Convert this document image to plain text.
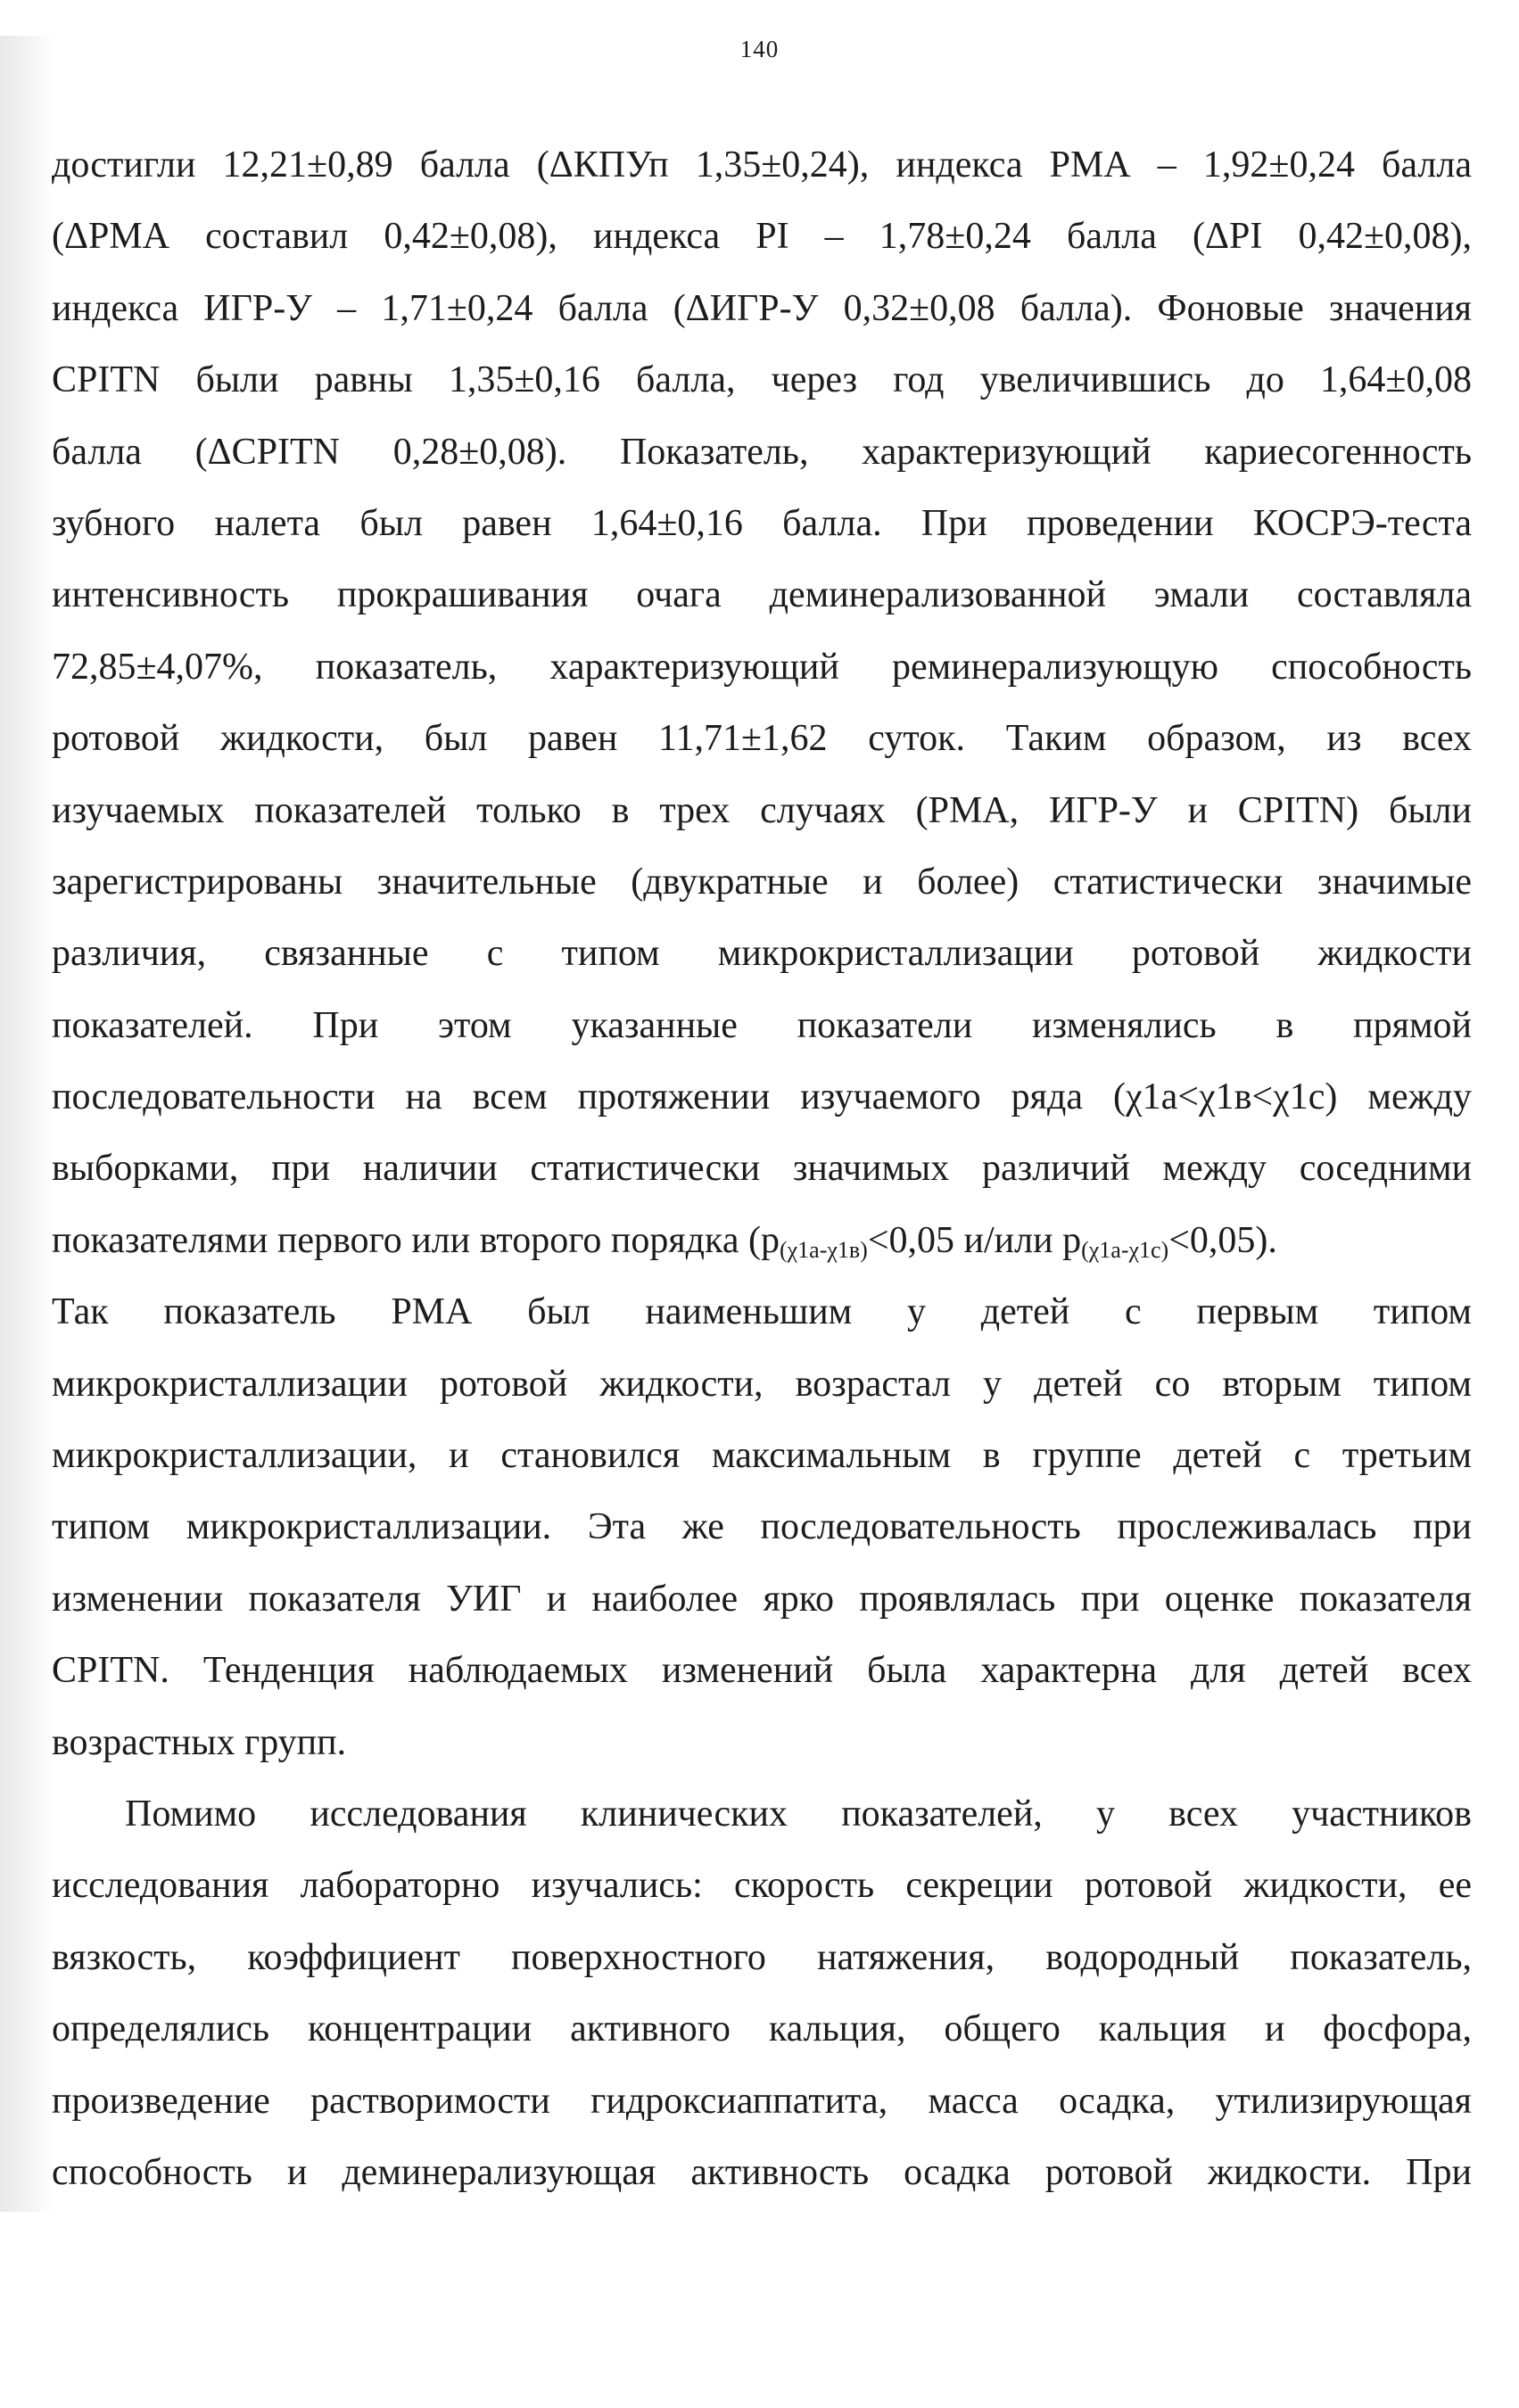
140
достигли 12,21±0,89 балла (ΔКПУп 1,35±0,24), индекса РМА – 1,92±0,24 балла
(ΔРМА составил 0,42±0,08), индекса PI – 1,78±0,24 балла (ΔPI 0,42±0,08),
индекса ИГР-У – 1,71±0,24 балла (ΔИГР-У 0,32±0,08 балла). Фоновые значения
CPITN были равны 1,35±0,16 балла, через год увеличившись до 1,64±0,08
балла (ΔCPITN 0,28±0,08). Показатель, характеризующий кариесогенность
зубного налета был равен 1,64±0,16 балла. При проведении КОСРЭ-теста
интенсивность прокрашивания очага деминерализованной эмали составляла
72,85±4,07%, показатель, характеризующий реминерализующую способность
ротовой жидкости, был равен 11,71±1,62 суток. Таким образом, из всех
изучаемых показателей только в трех случаях (РМА, ИГР-У и CPITN) были
зарегистрированы значительные (двукратные и более) статистически значимые
различия, связанные с типом микрокристаллизации ротовой жидкости
показателей. При этом указанные показатели изменялись в прямой
последовательности на всем протяжении изучаемого ряда (χ1а<χ1в<χ1с) между
выборками, при наличии статистически значимых различий между соседними
показателями первого или второго порядка ($p_{(\chi 1а-\chi 1в)}<0,05$ и/или $p_{(\chi 1а-\chi 1с)}<0,05$).
Так показатель РМА был наименьшим у детей с первым типом
микрокристаллизации ротовой жидкости, возрастал у детей со вторым типом
микрокристаллизации, и становился максимальным в группе детей с третьим
типом микрокристаллизации. Эта же последовательность прослеживалась при
изменении показателя УИГ и наиболее ярко проявлялась при оценке показателя
CPITN. Тенденция наблюдаемых изменений была характерна для детей всех
возрастных групп.
Помимо исследования клинических показателей, у всех участников
исследования лабораторно изучались: скорость секреции ротовой жидкости, ее
вязкость, коэффициент поверхностного натяжения, водородный показатель,
определялись концентрации активного кальция, общего кальция и фосфора,
произведение растворимости гидроксиаппатита, масса осадка, утилизирующая
способность и деминерализующая активность осадка ротовой жидкости. При
